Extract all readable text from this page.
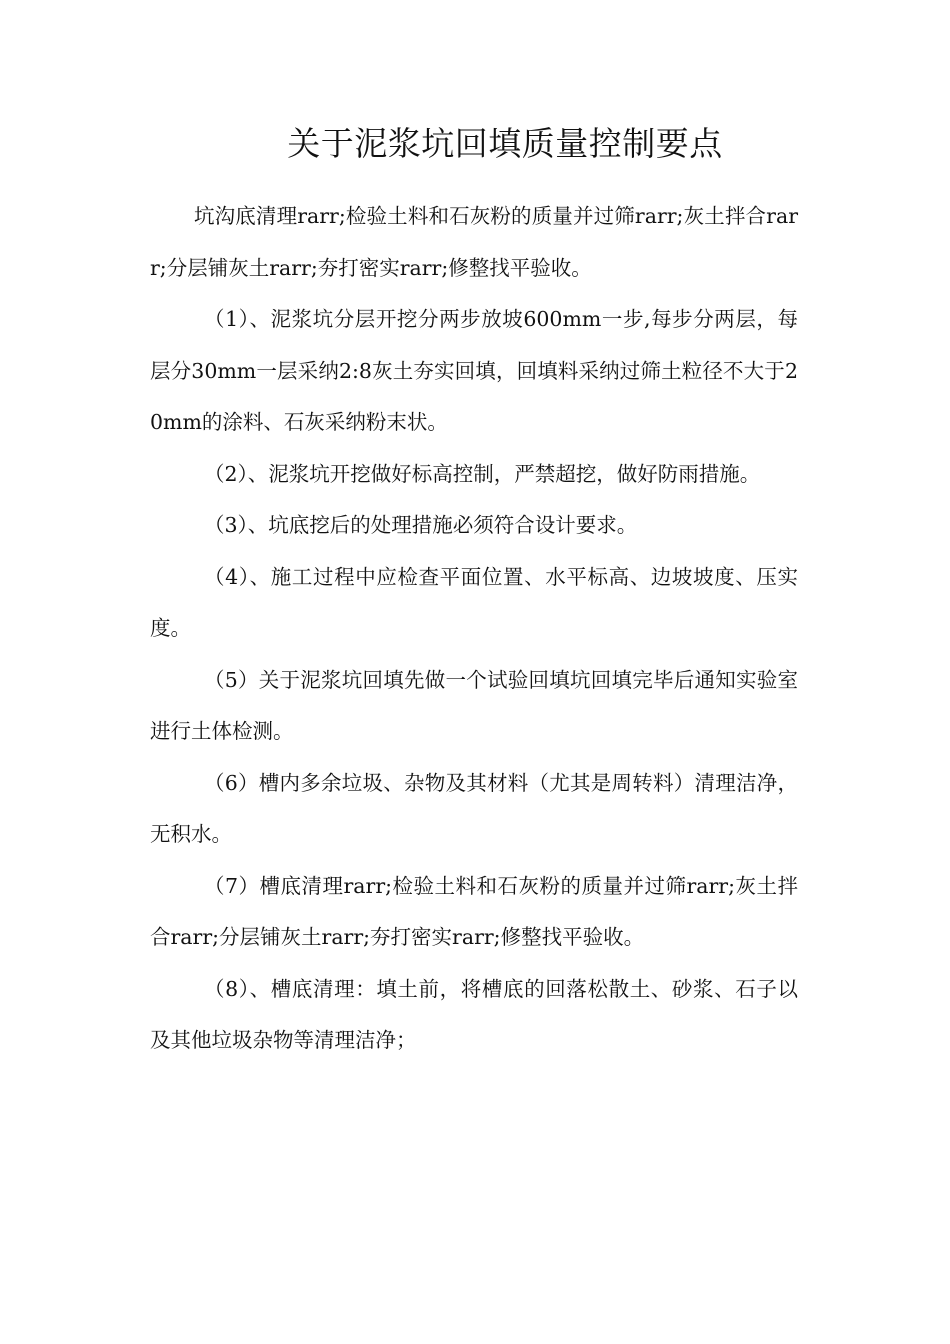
关于泥浆坑回填质量控制要点

坑沟底清理rarr;检验土料和石灰粉的质量并过筛rarr;灰土拌合rarr;分层铺灰土rarr;夯打密实rarr;修整找平验收。

（1）、泥浆坑分层开挖分两步放坡600mm一步,每步分两层，每层分30mm一层采纳2:8灰土夯实回填，回填料采纳过筛土粒径不大于20mm的涂料、石灰采纳粉末状。

（2）、泥浆坑开挖做好标高控制，严禁超挖，做好防雨措施。

（3）、坑底挖后的处理措施必须符合设计要求。

（4）、施工过程中应检查平面位置、水平标高、边坡坡度、压实度。

（5）关于泥浆坑回填先做一个试验回填坑回填完毕后通知实验室进行土体检测。

（6）槽内多余垃圾、杂物及其材料（尤其是周转料）清理洁净，无积水。

（7）槽底清理rarr;检验土料和石灰粉的质量并过筛rarr;灰土拌合rarr;分层铺灰土rarr;夯打密实rarr;修整找平验收。

（8）、槽底清理：填土前，将槽底的回落松散土、砂浆、石子以及其他垃圾杂物等清理洁净；
